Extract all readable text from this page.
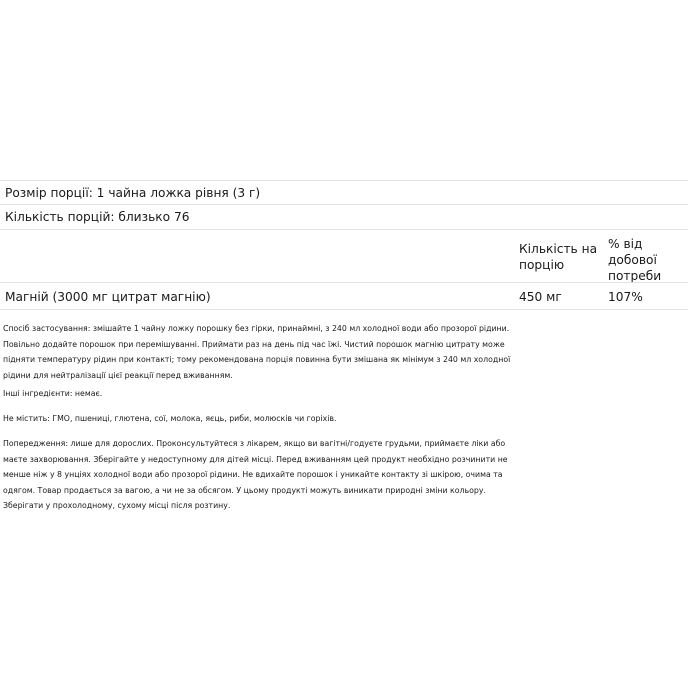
Розмір порції: 1 чайна ложка рівня (3 г)
Кількість порцій: близько 76
Кількість на
порцію
% від
добової
потреби
Магній (3000 мг цитрат магнію)	450 мг	107%
Спосіб застосування: змішайте 1 чайну ложку порошку без гірки, принаймні, з 240 мл холодної води або прозорої рідини.
Повільно додайте порошок при перемішуванні. Приймати раз на день під час їжі. Чистий порошок магнію цитрату може
підняти температуру рідин при контакті; тому рекомендована порція повинна бути змішана як мінімум з 240 мл холодної
рідини для нейтралізації цієї реакції перед вживанням.
Інші інгредієнти: немає.
Не містить: ГМО, пшениці, глютена, сої, молока, яєць, риби, молюсків чи горіхів.
Попередження: лише для дорослих. Проконсультуйтеся з лікарем, якщо ви вагітні/годуєте грудьми, приймаєте ліки або
маєте захворювання. Зберігайте у недоступному для дітей місці. Перед вживанням цей продукт необхідно розчинити не
менше ніж у 8 унціях холодної води або прозорої рідини. Не вдихайте порошок і уникайте контакту зі шкірою, очима та
одягом. Товар продається за вагою, а чи не за обсягом. У цьому продукті можуть виникати природні зміни кольору.
Зберігати у прохолодному, сухому місці після розтину.
